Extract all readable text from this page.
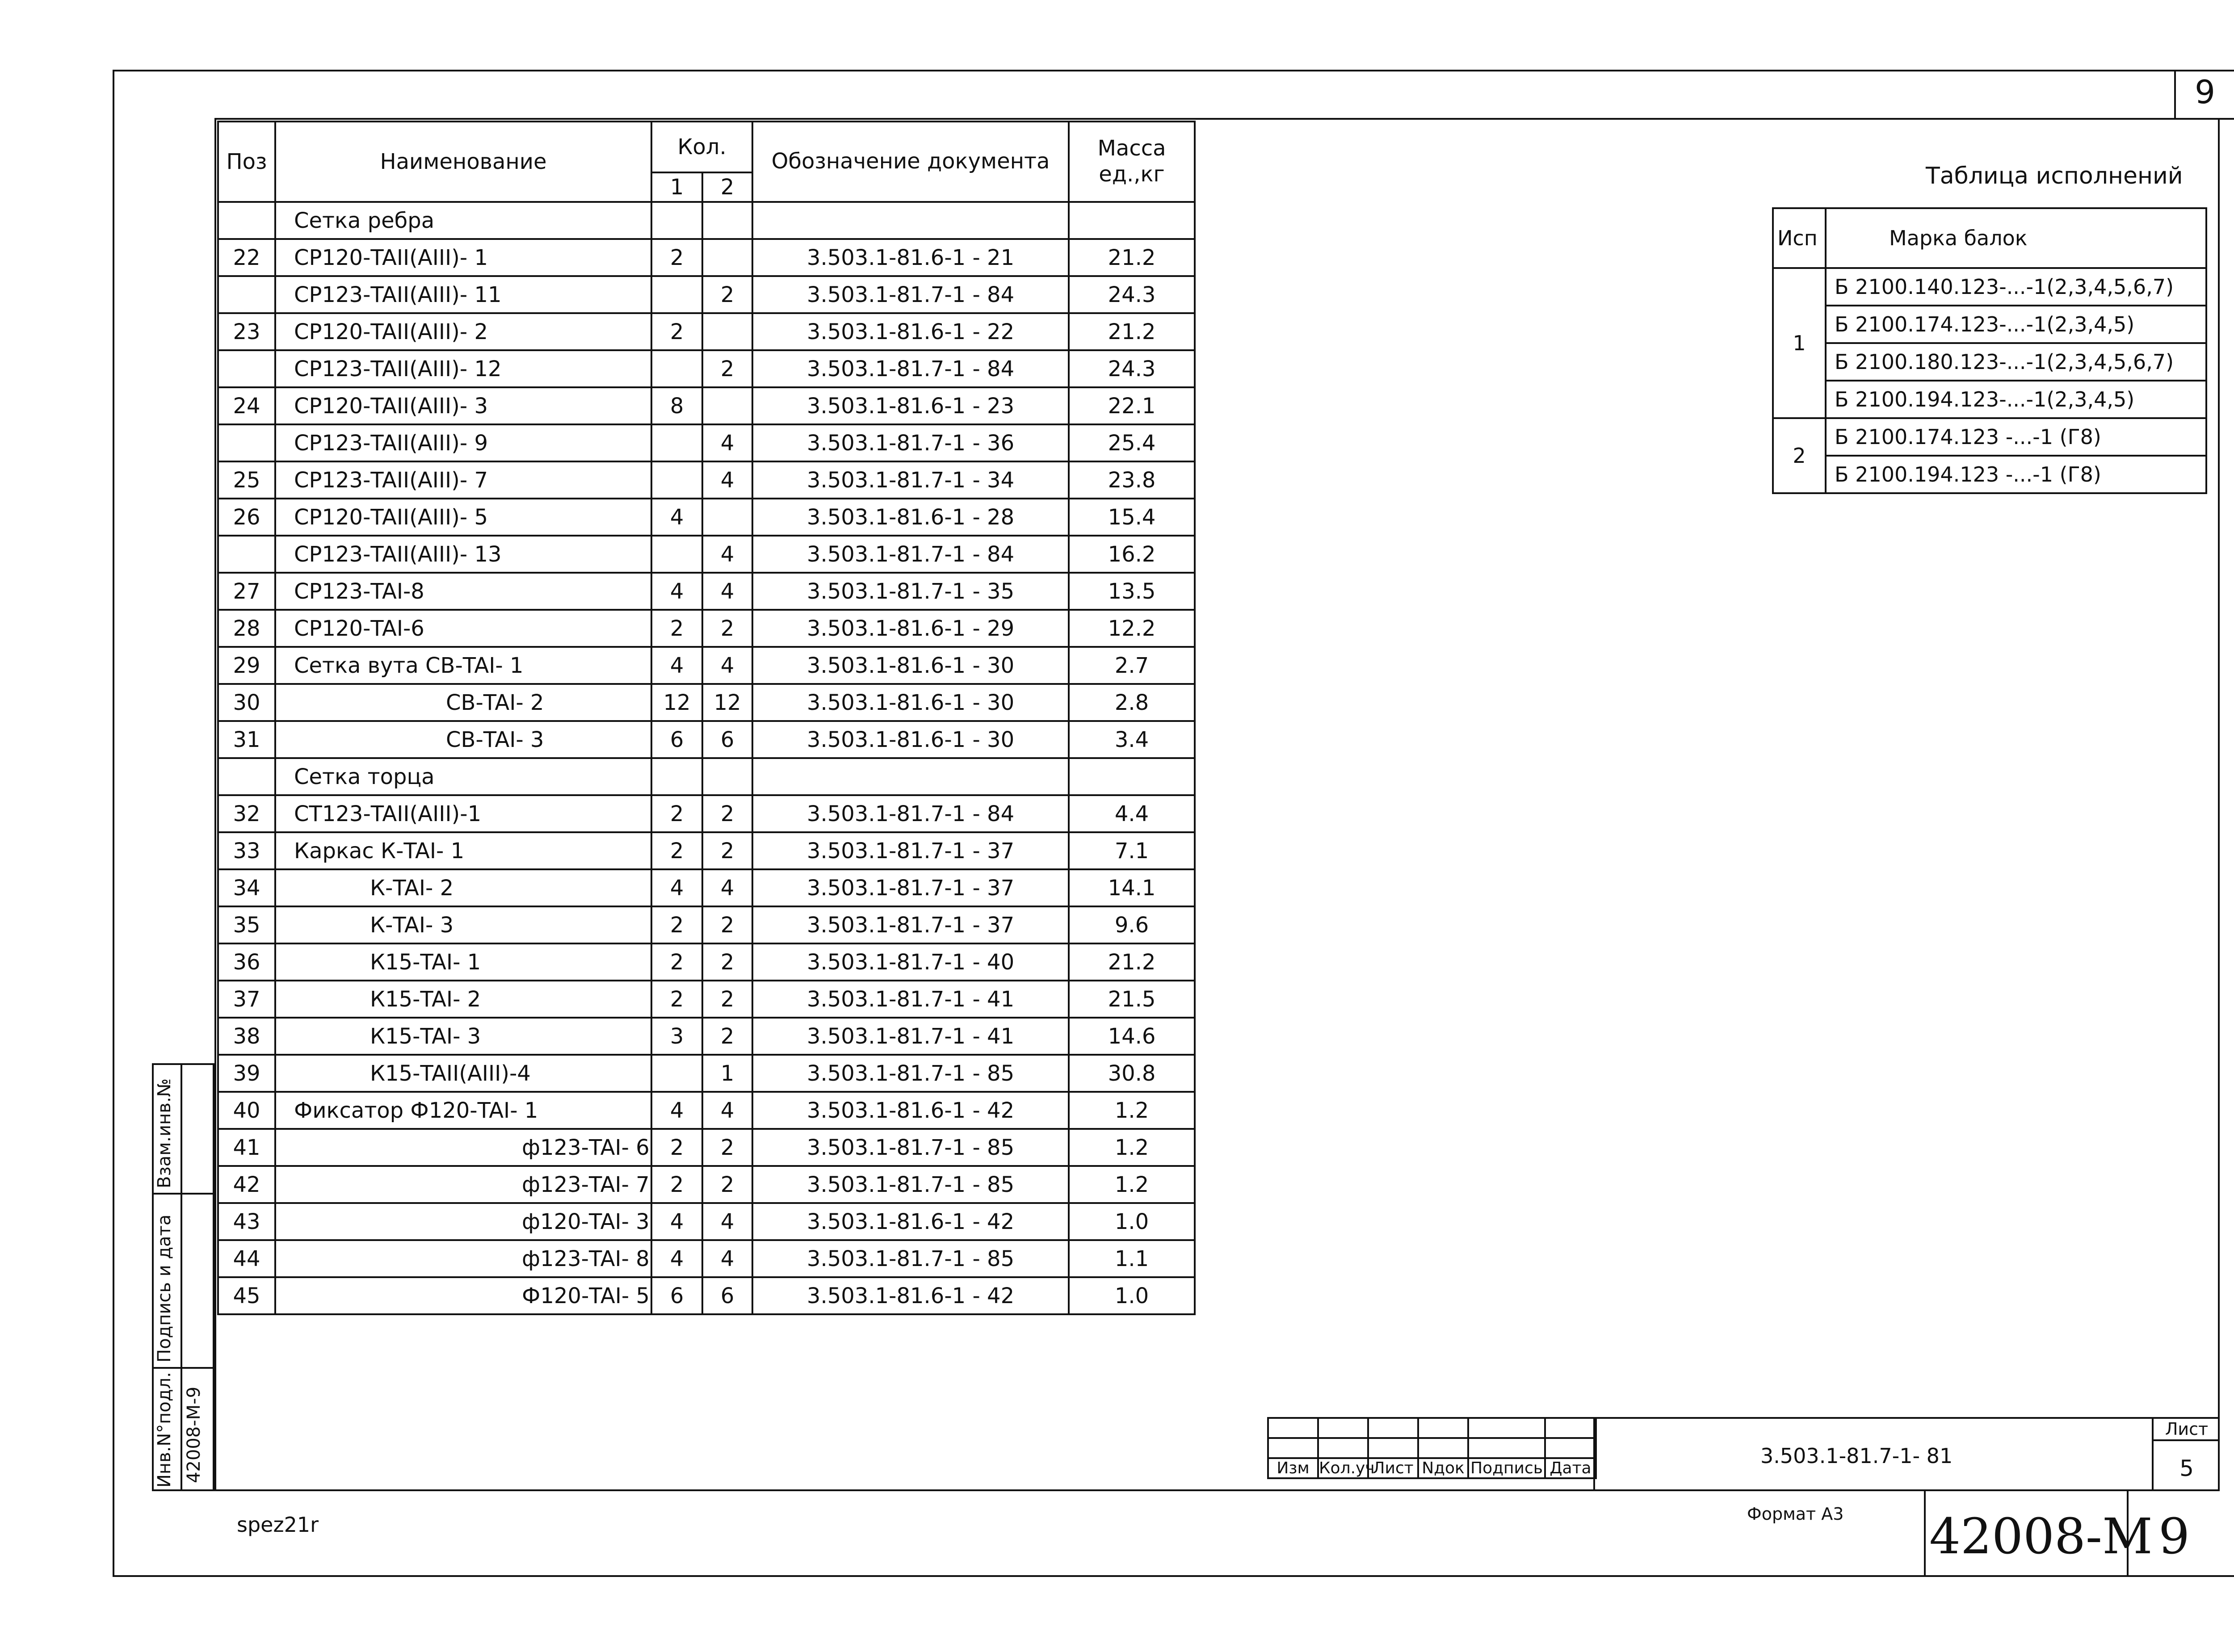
9
Поз	Наименование	Кол.		Обозначение документа	Масса ед.,кг
		1	2		
	Сетка ребра				
22	СР120-TAII(AIII)- 1	2		3.503.1-81.6-1 - 21	21.2
	СР123-TAII(AIII)- 11		2	3.503.1-81.7-1 - 84	24.3
23	СР120-TAII(AIII)- 2	2		3.503.1-81.6-1 - 22	21.2
	СР123-TAII(AIII)- 12		2	3.503.1-81.7-1 - 84	24.3
24	СР120-TAII(AIII)- 3	8		3.503.1-81.6-1 - 23	22.1
	СР123-TAII(AIII)- 9		4	3.503.1-81.7-1 - 36	25.4
25	СР123-TAII(AIII)- 7		4	3.503.1-81.7-1 - 34	23.8
26	СР120-TAII(AIII)- 5	4		3.503.1-81.6-1 - 28	15.4
	СР123-TAII(AIII)- 13		4	3.503.1-81.7-1 - 84	16.2
27	СР123-TAI-8	4	4	3.503.1-81.7-1 - 35	13.5
28	СР120-TAI-6	2	2	3.503.1-81.6-1 - 29	12.2
29	Сетка вута СВ-TAI- 1	4	4	3.503.1-81.6-1 - 30	2.7
30	СВ-TAI- 2	12	12	3.503.1-81.6-1 - 30	2.8
31	СВ-TAI- 3	6	6	3.503.1-81.6-1 - 30	3.4
	Сетка торца				
32	СТ123-TAII(AIII)-1	2	2	3.503.1-81.7-1 - 84	4.4
33	Каркас К-TAI- 1	2	2	3.503.1-81.7-1 - 37	7.1
34	К-TAI- 2	4	4	3.503.1-81.7-1 - 37	14.1
35	К-TAI- 3	2	2	3.503.1-81.7-1 - 37	9.6
36	К15-TAI- 1	2	2	3.503.1-81.7-1 - 40	21.2
37	К15-TAI- 2	2	2	3.503.1-81.7-1 - 41	21.5
38	К15-TAI- 3	3	2	3.503.1-81.7-1 - 41	14.6
39	К15-TAII(AIII)-4		1	3.503.1-81.7-1 - 85	30.8
40	Фиксатор Ф120-TAI- 1	4	4	3.503.1-81.6-1 - 42	1.2
41	ф123-TAI- 6	2	2	3.503.1-81.7-1 - 85	1.2
42	ф123-TAI- 7	2	2	3.503.1-81.7-1 - 85	1.2
43	ф120-TAI- 3	4	4	3.503.1-81.6-1 - 42	1.0
44	ф123-TAI- 8	4	4	3.503.1-81.7-1 - 85	1.1
45	Ф120-TAI- 5	6	6	3.503.1-81.6-1 - 42	1.0
Таблица исполнений
Исп	Марка балок
1	Б 2100.140.123-...-1(2,3,4,5,6,7)
	Б 2100.174.123-...-1(2,3,4,5)
	Б 2100.180.123-...-1(2,3,4,5,6,7)
	Б 2100.194.123-...-1(2,3,4,5)
2	Б 2100.174.123 -...-1 (Г8)
	Б 2100.194.123 -...-1 (Г8)
Взам.инв.№
Подпись и дата
Инв.N°подл. 42008-М-9

						Изм	Кол.уч	Лист	Nдок	Подпись	Дата
3.503.1-81.7-1- 81
Лист
5
Формат А3 42008-М 9
spez21r
